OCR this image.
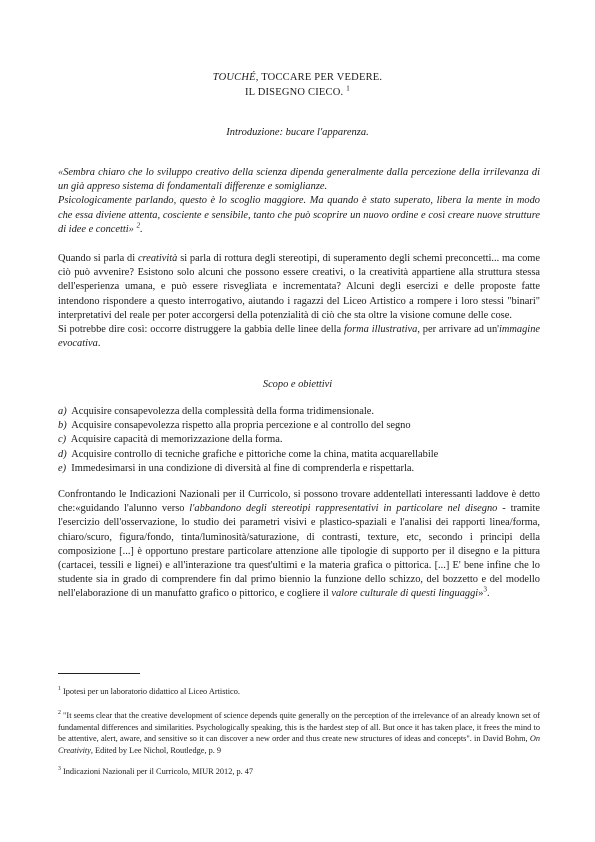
TOUCHÉ, TOCCARE PER VEDERE.
IL DISEGNO CIECO. $^1$
Introduzione: bucare l'apparenza.
«Sembra chiaro che lo sviluppo creativo della scienza dipenda generalmente dalla percezione della irrilevanza di un già appreso sistema di fondamentali differenze e somiglianze.
Psicologicamente parlando, questo è lo scoglio maggiore. Ma quando è stato superato, libera la mente in modo che essa diviene attenta, cosciente e sensibile, tanto che può scoprire un nuovo ordine e così creare nuove strutture di idee e concetti» $^2$.
Quando si parla di creatività si parla di rottura degli stereotipi, di superamento degli schemi preconcetti... ma come ciò può avvenire? Esistono solo alcuni che possono essere creativi, o la creatività appartiene alla struttura stessa dell'esperienza umana, e può essere risvegliata e incrementata? Alcuni degli esercizi e delle proposte fatte intendono rispondere a questo interrogativo, aiutando i ragazzi del Liceo Artistico a rompere i loro stessi "binari" interpretativi del reale per poter accorgersi della potenzialità di ciò che sta oltre la visione comune delle cose.
Si potrebbe dire così: occorre distruggere la gabbia delle linee della forma illustrativa, per arrivare ad un'immagine evocativa.
Scopo e obiettivi
a) Acquisire consapevolezza della complessità della forma tridimensionale.
b) Acquisire consapevolezza rispetto alla propria percezione e al controllo del segno
c) Acquisire capacità di memorizzazione della forma.
d) Acquisire controllo di tecniche grafiche e pittoriche come la china, matita acquarellabile
e) Immedesimarsi in una condizione di diversità al fine di comprenderla e rispettarla.
Confrontando le Indicazioni Nazionali per il Curricolo, si possono trovare addentellati interessanti laddove è detto che:«guidando l'alunno verso l'abbandono degli stereotipi rappresentativi in particolare nel disegno - tramite l'esercizio dell'osservazione, lo studio dei parametri visivi e plastico-spaziali e l'analisi dei rapporti linea/forma, chiaro/scuro, figura/fondo, tinta/luminosità/saturazione, di contrasti, texture, etc, secondo i principi della composizione [...] è opportuno prestare particolare attenzione alle tipologie di supporto per il disegno e la pittura (cartacei, tessili e lignei) e all'interazione tra quest'ultimi e la materia grafica o pittorica. [...] E' bene infine che lo studente sia in grado di comprendere fin dal primo biennio la funzione dello schizzo, del bozzetto e del modello nell'elaborazione di un manufatto grafico o pittorico, e cogliere il valore culturale di questi linguaggi»$^3$.
$^1$ Ipotesi per un laboratorio didattico al Liceo Artistico.
$^2$ "It seems clear that the creative development of science depends quite generally on the perception of the irrelevance of an already known set of fundamental differences and similarities. Psychologically speaking, this is the hardest step of all. But once it has taken place, it frees the mind to be attentive, alert, aware, and sensitive so it can discover a new order and thus create new structures of ideas and concepts". in David Bohm, On Creativity, Edited by Lee Nichol, Routledge, p. 9
$^3$ Indicazioni Nazionali per il Curricolo, MIUR 2012, p. 47
